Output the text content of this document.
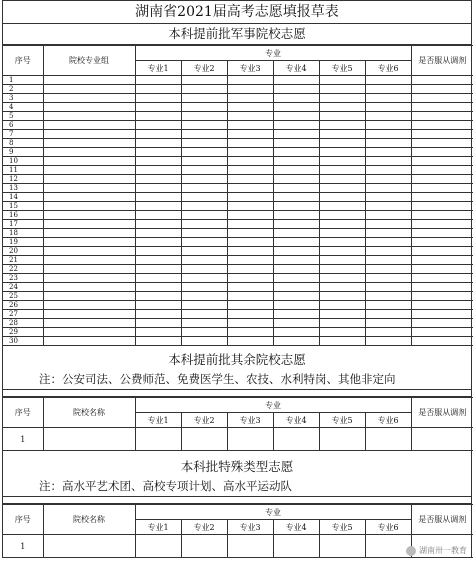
湖南省2021届高考志愿填报草表
本科提前批军事院校志愿
序号	院校专业组	专业						是否服从调剂
		专业1	专业2	专业3	专业4	专业5	专业6	
1								
2								
3								
4								
5								
6								
7								
8								
9								
10								
11								
12								
13								
14								
15								
16								
17								
18								
19								
20								
21								
22								
23								
24								
25								
26								
27								
28								
29								
30								
本科提前批其余院校志愿
注：公安司法、公费师范、免费医学生、农技、水利特岗、其他非定向
序号	院校名称	专业						是否服从调剂
		专业1	专业2	专业3	专业4	专业5	专业6	
1								
本科批特殊类型志愿
注：高水平艺术团、高校专项计划、高水平运动队
序号	院校名称	专业						是否服从调剂
		专业1	专业2	专业3	专业4	专业5	专业6	
1									湖南卅一教育
